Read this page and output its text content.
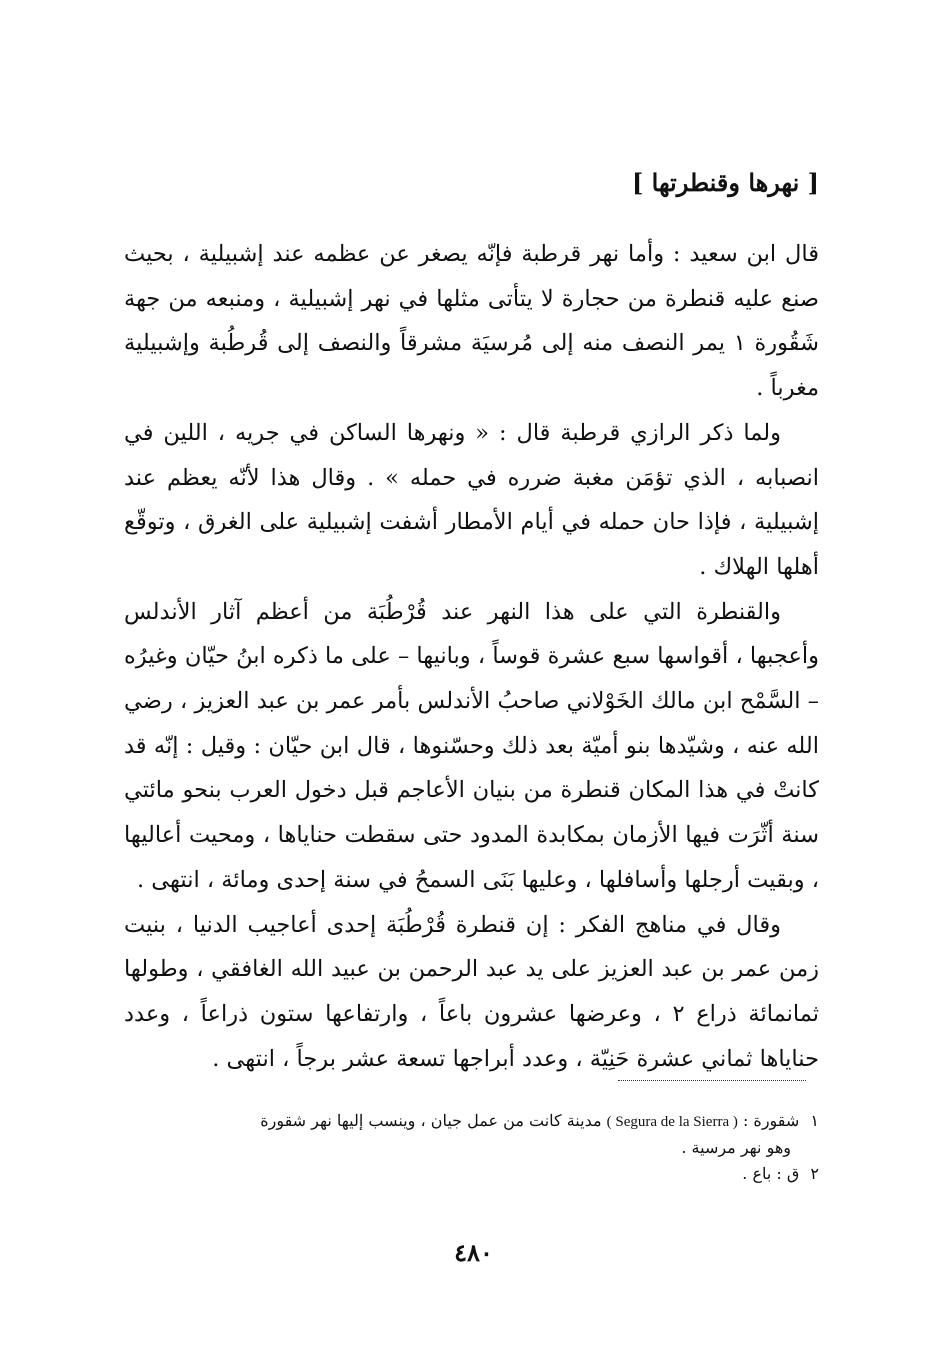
[ نهرها وقنطرتها ]

قال ابن سعيد : وأما نهر قرطبة فإنّه يصغر عن عظمه عند إشبيلية ، بحيث صنع عليه قنطرة من حجارة لا يتأتى مثلها في نهر إشبيلية ، ومنبعه من جهة شَقُورة ١ يمر النصف منه إلى مُرسيَة مشرقاً والنصف إلى قُرطُبة وإشبيلية مغرباً .

ولما ذكر الرازي قرطبة قال : « ونهرها الساكن في جريه ، اللين في انصبابه ، الذي تؤمَن مغبة ضرره في حمله » . وقال هذا لأنّه يعظم عند إشبيلية ، فإذا حان حمله في أيام الأمطار أشفت إشبيلية على الغرق ، وتوقّع أهلها الهلاك .

والقنطرة التي على هذا النهر عند قُرْطُبَة من أعظم آثار الأندلس وأعجبها ، أقواسها سبع عشرة قوساً ، وبانيها – على ما ذكره ابنُ حيّان وغيرُه – السَّمْح ابن مالك الخَوْلاني صاحبُ الأندلس بأمر عمر بن عبد العزيز ، رضي الله عنه ، وشيّدها بنو أميّة بعد ذلك وحسّنوها ، قال ابن حيّان : وقيل : إنّه قد كانتْ في هذا المكان قنطرة من بنيان الأعاجم قبل دخول العرب بنحو مائتي سنة أثّرَت فيها الأزمان بمكابدة المدود حتى سقطت حناياها ، ومحيت أعاليها ، وبقيت أرجلها وأسافلها ، وعليها بَنَى السمحُ في سنة إحدى ومائة ، انتهى .

وقال في مناهج الفكر : إن قنطرة قُرْطُبَة إحدى أعاجيب الدنيا ، بنيت زمن عمر بن عبد العزيز على يد عبد الرحمن بن عبيد الله الغافقي ، وطولها ثمانمائة ذراع ٢ ، وعرضها عشرون باعاً ، وارتفاعها ستون ذراعاً ، وعدد حناياها ثماني عشرة حَنِيّة ، وعدد أبراجها تسعة عشر برجاً ، انتهى .

١ شقورة : ( Segura de la Sierra ) مدينة كانت من عمل جيان ، وينسب إليها نهر شقورة

وهو نهر مرسية .

٢ ق : باع .

٤٨٠
